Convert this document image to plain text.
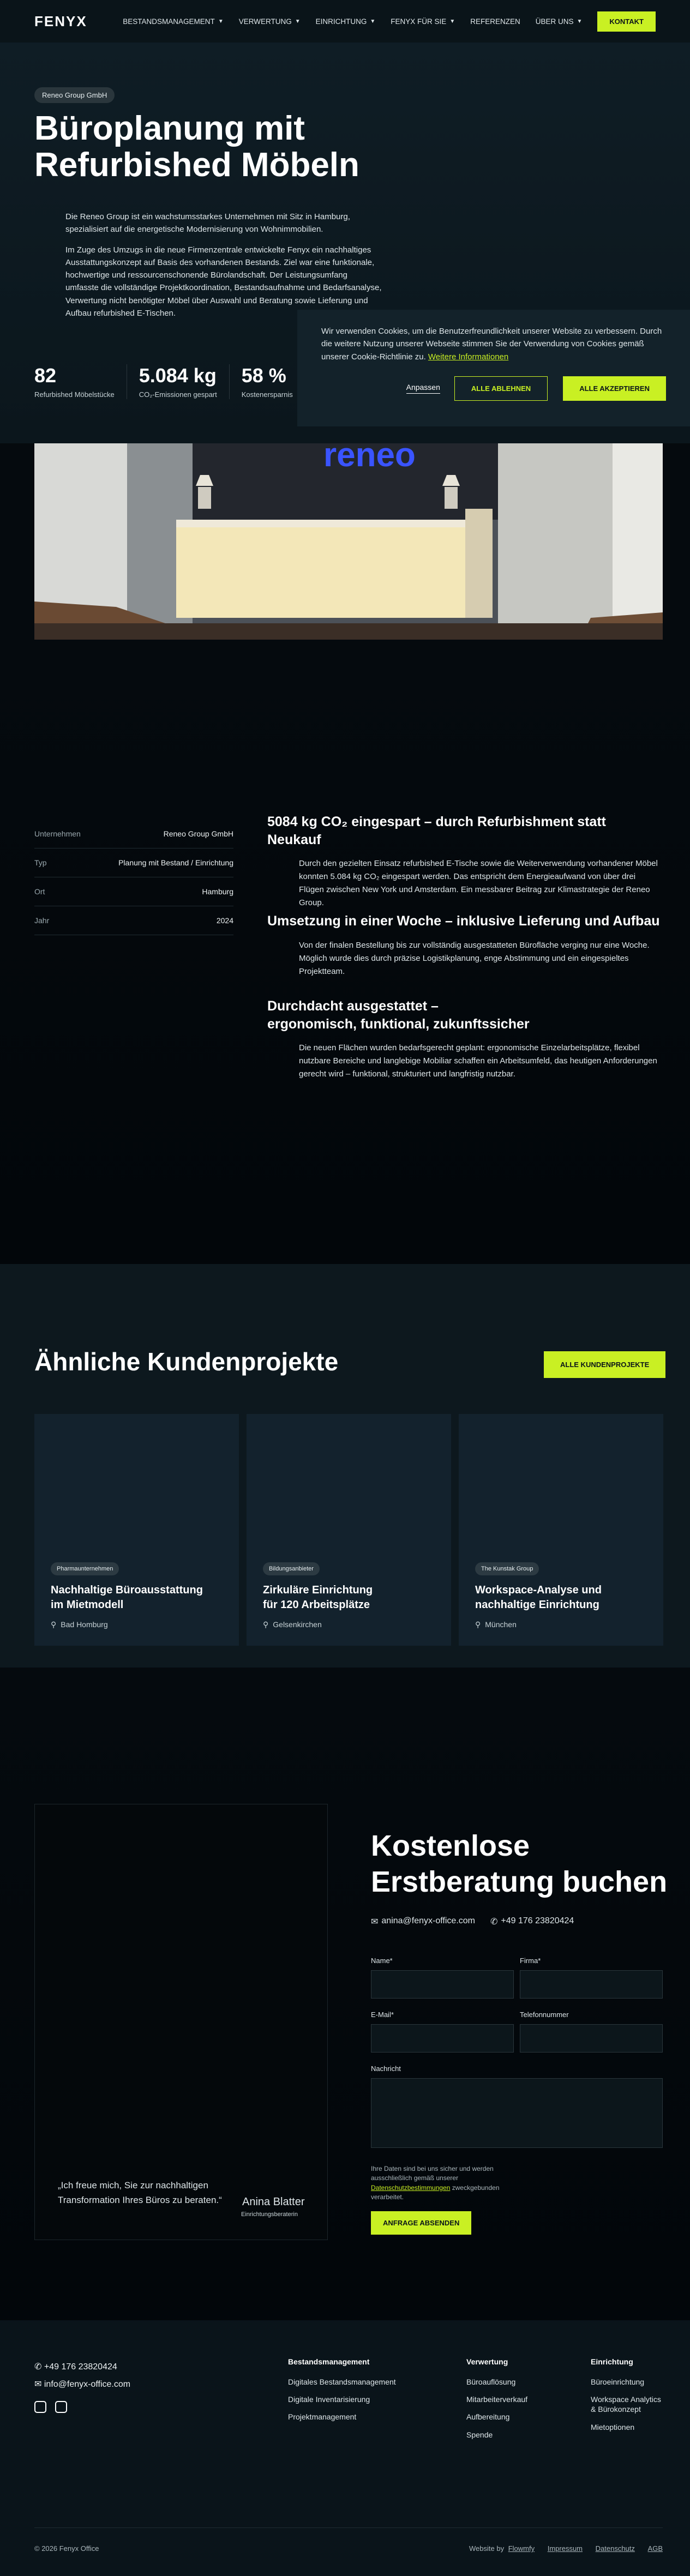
FENYX	BESTANDSMANAGEMENT ▼ VERWERTUNG ▼ EINRICHTUNG ▼ FENYX FÜR SIE ▼ REFERENZEN ÜBER UNS ▼	KONTAKT
Reneo Group GmbH
Büroplanung mit
Refurbished Möbeln

Die Reneo Group ist ein wachstumsstarkes Unternehmen mit Sitz in Hamburg, spezialisiert auf die energetische Modernisierung von Wohnimmobilien.

Im Zuge des Umzugs in die neue Firmenzentrale entwickelte Fenyx ein nachhaltiges Ausstattungskonzept auf Basis des vorhandenen Bestands. Ziel war eine funktionale, hochwertige und ressourcenschonende Bürolandschaft. Der Leistungsumfang umfasste die vollständige Projektkoordination, Bestandsaufnahme und Bedarfsanalyse, Verwertung nicht benötigter Möbel über Auswahl und Beratung sowie Lieferung und Aufbau refurbished E-Tischen.

82
Refurbished Möbelstücke
5.084 kg
CO₂-Emissionen gespart
58 %
Kostenersparnis
Wir verwenden Cookies, um die Benutzerfreundlichkeit unserer Website zu verbessern. Durch die weitere Nutzung unserer Webseite stimmen Sie der Verwendung von Cookies gemäß unserer Cookie-Richtlinie zu. Weitere Informationen
Anpassen	ALLE ABLEHNEN	ALLE AKZEPTIEREN
reneo
Unternehmen	Reneo Group GmbH
Typ	Planung mit Bestand / Einrichtung
Ort	Hamburg
Jahr	2024
5084 kg CO₂ eingespart – durch Refurbishment statt Neukauf
Durch den gezielten Einsatz refurbished E-Tische sowie die Weiterverwendung vorhandener Möbel konnten 5.084 kg CO₂ eingespart werden. Das entspricht dem Energieaufwand von über drei Flügen zwischen New York und Amsterdam. Ein messbarer Beitrag zur Klimastrategie der Reneo Group.
Umsetzung in einer Woche – inklusive Lieferung und Aufbau
Von der finalen Bestellung bis zur vollständig ausgestatteten Bürofläche verging nur eine Woche. Möglich wurde dies durch präzise Logistikplanung, enge Abstimmung und ein eingespieltes Projektteam.
Durchdacht ausgestattet –
ergonomisch, funktional, zukunftssicher
Die neuen Flächen wurden bedarfsgerecht geplant: ergonomische Einzelarbeitsplätze, flexibel nutzbare Bereiche und langlebige Mobiliar schaffen ein Arbeitsumfeld, das heutigen Anforderungen gerecht wird – funktional, strukturiert und langfristig nutzbar.
Ähnliche Kundenprojekte	ALLE KUNDENPROJEKTE
Pharmaunternehmen
Nachhaltige Büroausstattung
im Mietmodell
⚲ Bad Homburg
Bildungsanbieter
Zirkuläre Einrichtung
für 120 Arbeitsplätze
⚲ Gelsenkirchen
The Kunstak Group
Workspace-Analyse und
nachhaltige Einrichtung
⚲ München
„Ich freue mich, Sie zur nachhaltigen Transformation Ihres Büros zu beraten.“	Anina Blatter
Einrichtungsberaterin
Kostenlose
Erstberatung buchen
✉ anina@fenyx-office.com ✆ +49 176 23820424
Name*	Firma*
E-Mail*	Telefonnummer
Nachricht
Ihre Daten sind bei uns sicher und werden ausschließlich gemäß unserer Datenschutzbestimmungen zweckgebunden verarbeitet.
ANFRAGE ABSENDEN
✆ +49 176 23820424
✉ info@fenyx-office.com
Bestandsmanagement
Digitales Bestandsmanagement
Digitale Inventarisierung
Projektmanagement
Verwertung
Büroauflösung
Mitarbeiterverkauf
Aufbereitung
Spende
Einrichtung
Büroeinrichtung
Workspace Analytics & Bürokonzept
Mietoptionen
© 2026 Fenyx Office	Website by Flowmfy Impressum Datenschutz AGB
